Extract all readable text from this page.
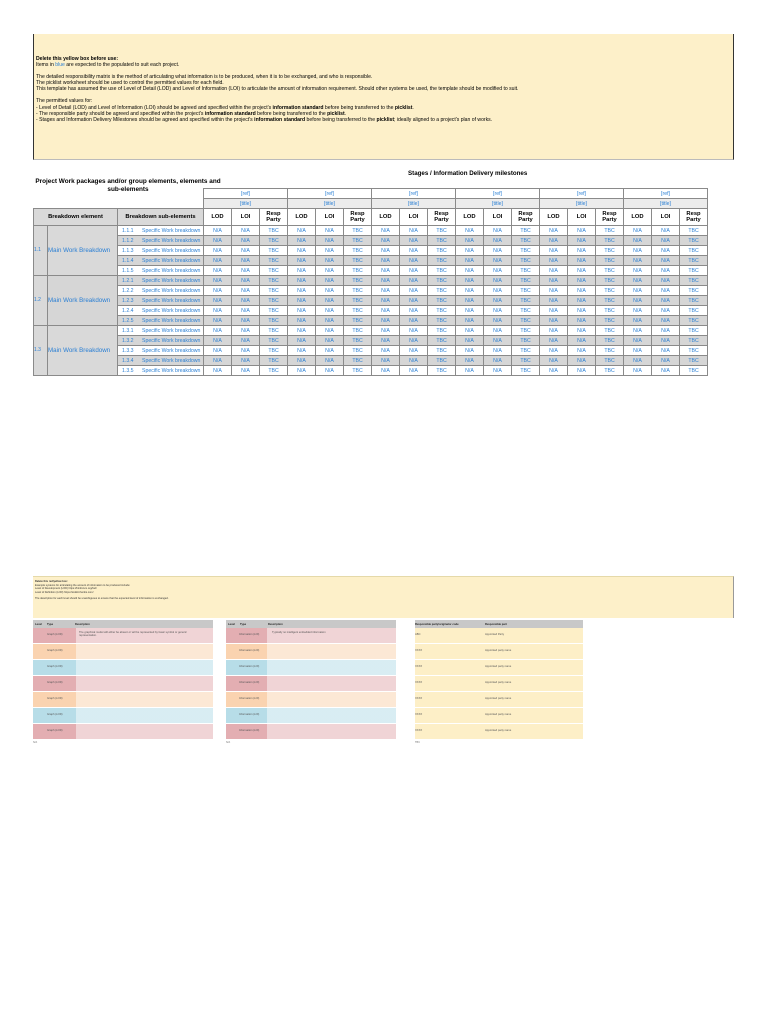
Delete this yellow box before use:
Items in blue are expected to the populated to suit each project.
The detailed responsibility matrix is the method of articulating what information is to be produced, when it is to be exchanged, and who is responsible.
The picklist worksheet should be used to control the permitted values for each field.
This template has assumed the use of Level of Detail (LOD) and Level of Information (LOI) to articulate the amount of information requirement. Should other systems be used, the template should be modified to suit.
The permitted values for:
- Level of Detail (LOD) and Level of Information (LOI) should be agreed and specified within the project's information standard before being transferred to the picklist.
- The responsible party should be agreed and specified within the project's information standard before being transferred to the picklist.
- Stages and Information Delivery Milestones should be agreed and specified within the project's information standard before being transferred to the picklist; ideally aligned to a project's plan of works.
Stages / Information Delivery milestones
Project Work packages and/or group elements, elements and sub-elements
			[ref]			[ref]			[ref]			[ref]			[ref]			[ref]		
			[title]			[title]			[title]			[title]			[title]			[title]		
Breakdown element		Breakdown sub-elements	LOD	LOI	Resp Party	LOD	LOI	Resp Party	LOD	LOI	Resp Party	LOD	LOI	Resp Party	LOD	LOI	Resp Party	LOD	LOI	Resp Party
1.1	Main Work Breakdown	1.1.1 Specific Work breakdown	N/A	N/A	TBC	N/A	N/A	TBC	N/A	N/A	TBC	N/A	N/A	TBC	N/A	N/A	TBC	N/A	N/A	TBC
		1.1.2 Specific Work breakdown	N/A	N/A	TBC	N/A	N/A	TBC	N/A	N/A	TBC	N/A	N/A	TBC	N/A	N/A	TBC	N/A	N/A	TBC
		1.1.3 Specific Work breakdown	N/A	N/A	TBC	N/A	N/A	TBC	N/A	N/A	TBC	N/A	N/A	TBC	N/A	N/A	TBC	N/A	N/A	TBC
		1.1.4 Specific Work breakdown	N/A	N/A	TBC	N/A	N/A	TBC	N/A	N/A	TBC	N/A	N/A	TBC	N/A	N/A	TBC	N/A	N/A	TBC
		1.1.5 Specific Work breakdown	N/A	N/A	TBC	N/A	N/A	TBC	N/A	N/A	TBC	N/A	N/A	TBC	N/A	N/A	TBC	N/A	N/A	TBC
1.2	Main Work Breakdown	1.2.1 Specific Work breakdown	N/A	N/A	TBC	N/A	N/A	TBC	N/A	N/A	TBC	N/A	N/A	TBC	N/A	N/A	TBC	N/A	N/A	TBC
		1.2.2 Specific Work breakdown	N/A	N/A	TBC	N/A	N/A	TBC	N/A	N/A	TBC	N/A	N/A	TBC	N/A	N/A	TBC	N/A	N/A	TBC
		1.2.3 Specific Work breakdown	N/A	N/A	TBC	N/A	N/A	TBC	N/A	N/A	TBC	N/A	N/A	TBC	N/A	N/A	TBC	N/A	N/A	TBC
		1.2.4 Specific Work breakdown	N/A	N/A	TBC	N/A	N/A	TBC	N/A	N/A	TBC	N/A	N/A	TBC	N/A	N/A	TBC	N/A	N/A	TBC
		1.2.5 Specific Work breakdown	N/A	N/A	TBC	N/A	N/A	TBC	N/A	N/A	TBC	N/A	N/A	TBC	N/A	N/A	TBC	N/A	N/A	TBC
1.3	Main Work Breakdown	1.3.1 Specific Work breakdown	N/A	N/A	TBC	N/A	N/A	TBC	N/A	N/A	TBC	N/A	N/A	TBC	N/A	N/A	TBC	N/A	N/A	TBC
		1.3.2 Specific Work breakdown	N/A	N/A	TBC	N/A	N/A	TBC	N/A	N/A	TBC	N/A	N/A	TBC	N/A	N/A	TBC	N/A	N/A	TBC
		1.3.3 Specific Work breakdown	N/A	N/A	TBC	N/A	N/A	TBC	N/A	N/A	TBC	N/A	N/A	TBC	N/A	N/A	TBC	N/A	N/A	TBC
		1.3.4 Specific Work breakdown	N/A	N/A	TBC	N/A	N/A	TBC	N/A	N/A	TBC	N/A	N/A	TBC	N/A	N/A	TBC	N/A	N/A	TBC
		1.3.5 Specific Work breakdown	N/A	N/A	TBC	N/A	N/A	TBC	N/A	N/A	TBC	N/A	N/A	TBC	N/A	N/A	TBC	N/A	N/A	TBC
Delete this red/yellow box:
Example systems for articulating the amount of information to be produced include:
Level of Development (LOD) https://bimforum.org/lod/
Level of Definition (LOD) https://toolkit.thenbs.com/
The description for each level should be unambiguous to ensure that the expected level of information is exchanged.
Level Type	Description
Graph (LOD)
The graphical model will either be absent or will be represented by basic symbol or generic representation.
Graph (LOD)
Graph (LOD)
Graph (LOD)
Graph (LOD)
Graph (LOD)
Graph (LOD)
N/A
Level Type	Description
Information (LOI)
Typically no intelligent embedded information
Information (LOI)
Information (LOI)
Information (LOI)
Information (LOI)
Information (LOI)
Information (LOI)
N/A
Responsible party/originator code	Responsible part
ABC	Appointed Party
XXXX	Appointed party name
XXXX	Appointed party name
XXXX	Appointed party name
XXXX	Appointed party name
XXXX	Appointed party name
XXXX	Appointed party name
TBC
